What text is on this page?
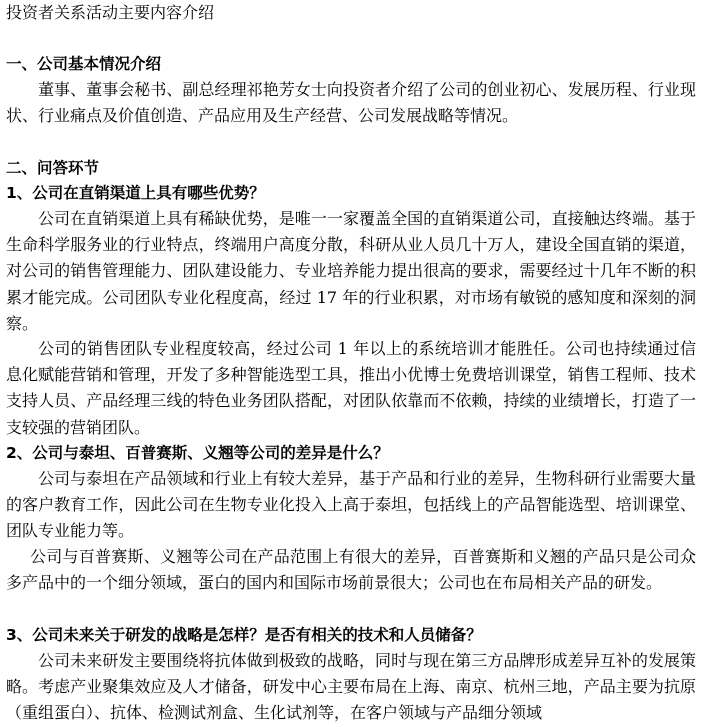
投资者关系活动主要内容介绍
一、公司基本情况介绍
董事、董事会秘书、副总经理祁艳芳女士向投资者介绍了公司的创业初心、发展历程、行业现状、行业痛点及价值创造、产品应用及生产经营、公司发展战略等情况。
二、问答环节
1、公司在直销渠道上具有哪些优势？
公司在直销渠道上具有稀缺优势，是唯一一家覆盖全国的直销渠道公司，直接触达终端。基于生命科学服务业的行业特点，终端用户高度分散，科研从业人员几十万人，建设全国直销的渠道，对公司的销售管理能力、团队建设能力、专业培养能力提出很高的要求，需要经过十几年不断的积累才能完成。公司团队专业化程度高，经过 17 年的行业积累，对市场有敏锐的感知度和深刻的洞察。
公司的销售团队专业程度较高，经过公司 1 年以上的系统培训才能胜任。公司也持续通过信息化赋能营销和管理，开发了多种智能选型工具，推出小优博士免费培训课堂，销售工程师、技术支持人员、产品经理三线的特色业务团队搭配，对团队依靠而不依赖，持续的业绩增长，打造了一支较强的营销团队。
2、公司与泰坦、百普赛斯、义翘等公司的差异是什么？
公司与泰坦在产品领域和行业上有较大差异，基于产品和行业的差异，生物科研行业需要大量的客户教育工作，因此公司在生物专业化投入上高于泰坦，包括线上的产品智能选型、培训课堂、团队专业能力等。
公司与百普赛斯、义翘等公司在产品范围上有很大的差异，百普赛斯和义翘的产品只是公司众多产品中的一个细分领域，蛋白的国内和国际市场前景很大；公司也在布局相关产品的研发。
3、公司未来关于研发的战略是怎样？是否有相关的技术和人员储备？
公司未来研发主要围绕将抗体做到极致的战略，同时与现在第三方品牌形成差异互补的发展策略。考虑产业聚集效应及人才储备，研发中心主要布局在上海、南京、杭州三地，产品主要为抗原（重组蛋白）、抗体、检测试剂盒、生化试剂等，在客户领域与产品细分领域
